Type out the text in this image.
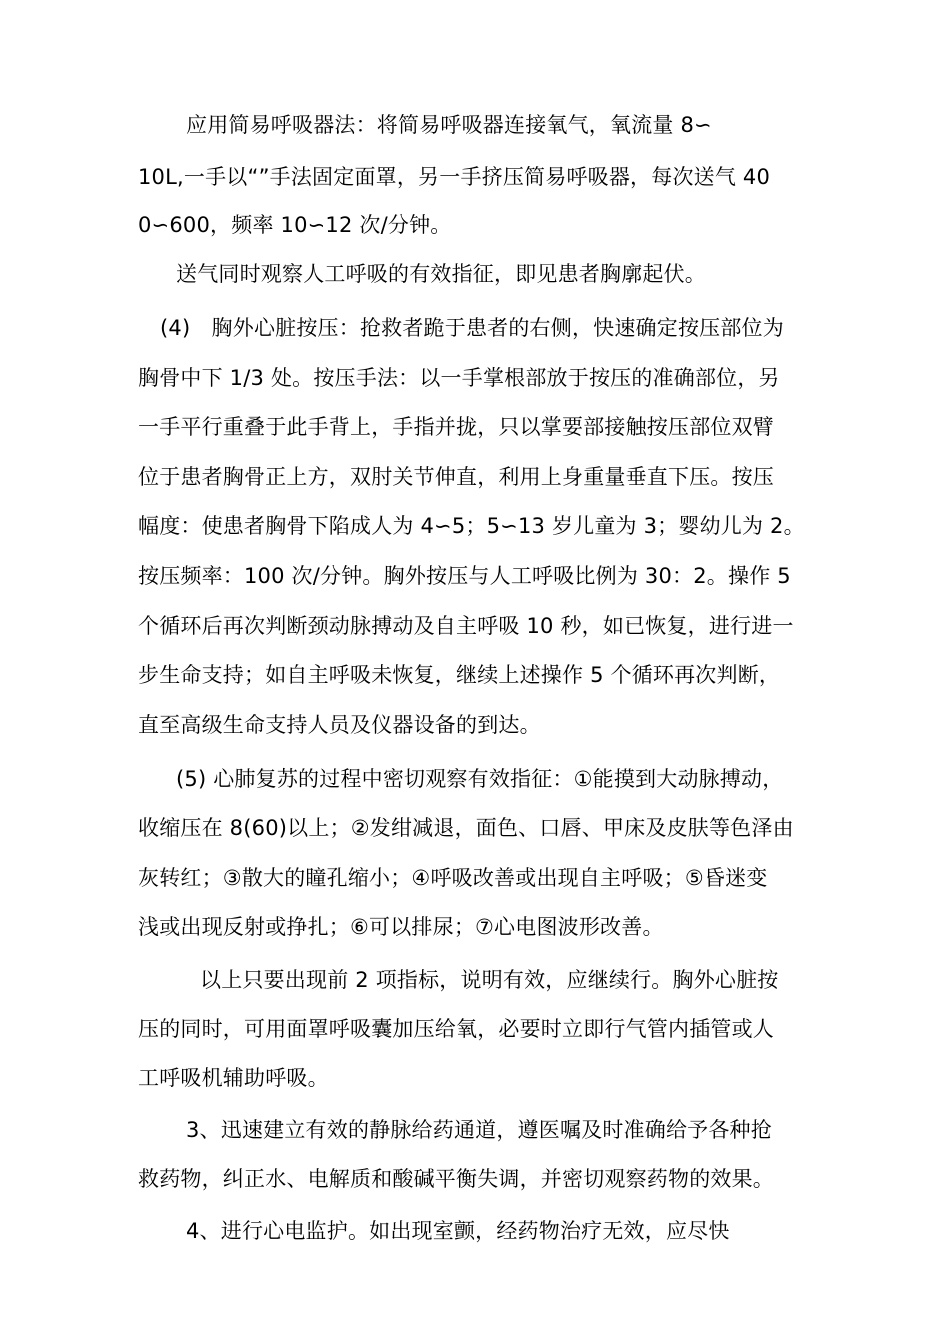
应用简易呼吸器法：将简易呼吸器连接氧气，氧流量 8∽
10L,一手以“”手法固定面罩，另一手挤压简易呼吸器，每次送气 40
0∽600，频率 10∽12 次/分钟。
送气同时观察人工呼吸的有效指征，即见患者胸廓起伏。
(4)　胸外心脏按压：抢救者跪于患者的右侧，快速确定按压部位为
胸骨中下 1/3 处。按压手法：以一手掌根部放于按压的准确部位，另
一手平行重叠于此手背上，手指并拢，只以掌要部接触按压部位双臂
位于患者胸骨正上方，双肘关节伸直，利用上身重量垂直下压。按压
幅度：使患者胸骨下陷成人为 4∽5；5∽13 岁儿童为 3；婴幼儿为 2。
按压频率：100 次/分钟。胸外按压与人工呼吸比例为 30：2。操作 5
个循环后再次判断颈动脉搏动及自主呼吸 10 秒，如已恢复，进行进一
步生命支持；如自主呼吸未恢复，继续上述操作 5 个循环再次判断，
直至高级生命支持人员及仪器设备的到达。
(5) 心肺复苏的过程中密切观察有效指征：①能摸到大动脉搏动，
收缩压在 8(60)以上；②发绀减退，面色、口唇、甲床及皮肤等色泽由
灰转红；③散大的瞳孔缩小；④呼吸改善或出现自主呼吸；⑤昏迷变
浅或出现反射或挣扎；⑥可以排尿；⑦心电图波形改善。
以上只要出现前 2 项指标，说明有效，应继续行。胸外心脏按
压的同时，可用面罩呼吸囊加压给氧，必要时立即行气管内插管或人
工呼吸机辅助呼吸。
3、迅速建立有效的静脉给药通道，遵医嘱及时准确给予各种抢
救药物，纠正水、电解质和酸碱平衡失调，并密切观察药物的效果。
4、进行心电监护。如出现室颤，经药物治疗无效，应尽快
